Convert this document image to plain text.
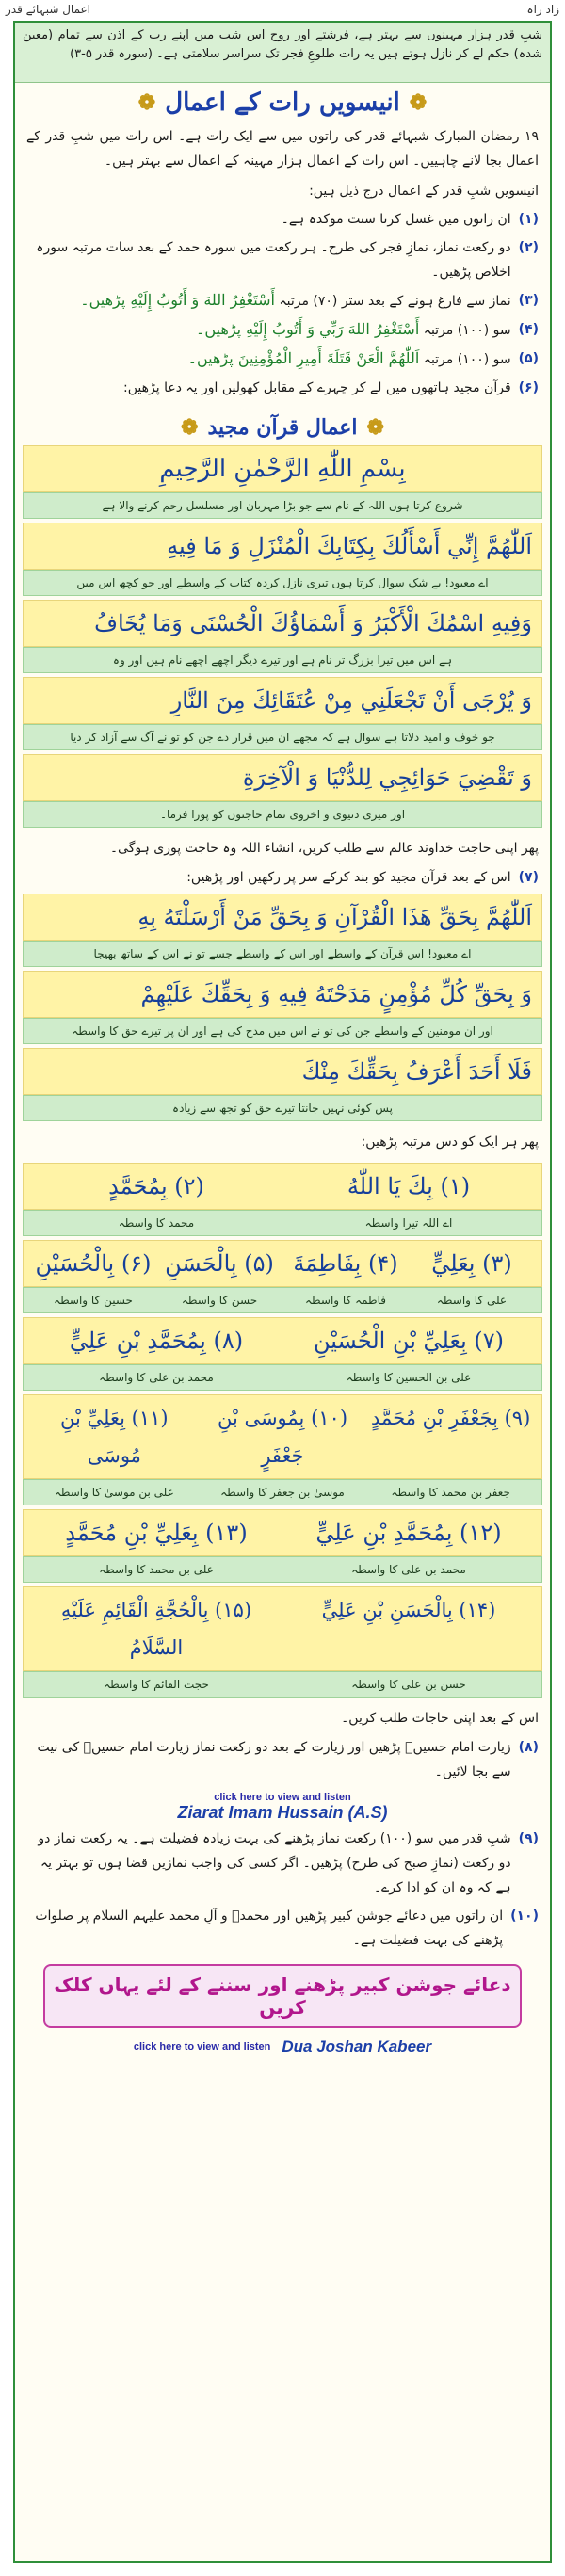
زاد راہ
اعمال شبہائے قدر
شبِ قدر ہزار مہینوں سے بہتر ہے، فرشتے اور روح اس شب میں اپنے رب کے اذن سے تمام (معین شدہ) حکم لے کر نازل ہوتے ہیں یہ رات طلوعِ فجر تک سراسر سلامتی ہے۔ (سورہ قدر ۵-۳)
❁
انیسویں رات کے اعمال
❁

۱۹ رمضان المبارک شبہائے قدر کی راتوں میں سے ایک رات ہے۔ اس رات میں شبِ قدر کے اعمال بجا لانے چاہییں۔ اس رات کے اعمال ہزار مہینہ کے اعمال سے بہتر ہیں۔

انیسویں شبِ قدر کے اعمال درج ذیل ہیں:

(۱)
ان راتوں میں غسل کرنا سنت موکدہ ہے۔
(۲)
دو رکعت نماز، نمازِ فجر کی طرح۔ ہر رکعت میں سورہ حمد کے بعد سات مرتبہ سورہ اخلاص پڑھیں۔
(۳)
نماز سے فارغ ہونے کے بعد ستر (۷۰) مرتبہ أَسْتَغْفِرُ اللهَ وَ أَتُوبُ إِلَيْهِ پڑھیں۔
(۴)
سو (۱۰۰) مرتبہ أَسْتَغْفِرُ اللهَ رَبِّي وَ أَتُوبُ إِلَيْهِ پڑھیں۔
(۵)
سو (۱۰۰) مرتبہ اَللّٰهُمَّ الْعَنْ قَتَلَةَ أَمِيرِ الْمُؤْمِنِينَ پڑھیں۔
(۶)
قرآن مجید ہاتھوں میں لے کر چہرے کے مقابل کھولیں اور یہ دعا پڑھیں:
❁
اعمال قرآن مجید
❁
بِسْمِ اللّٰهِ الرَّحْمٰنِ الرَّحِيمِ
شروع کرتا ہوں اللہ کے نام سے جو بڑا مہربان اور مسلسل رحم کرنے والا ہے
اَللّٰهُمَّ إِنِّي أَسْأَلُكَ بِكِتَابِكَ الْمُنْزَلِ وَ مَا فِيهِ
اے معبود! بے شک سوال کرتا ہوں تیری نازل کردہ کتاب کے واسطے اور جو کچھ اس میں
وَفِيهِ اسْمُكَ الْأَكْبَرُ وَ أَسْمَاؤُكَ الْحُسْنَى وَمَا يُخَافُ
ہے اس میں تیرا بزرگ تر نام ہے اور تیرے دیگر اچھے اچھے نام ہیں اور وہ
وَ يُرْجَى أَنْ تَجْعَلَنِي مِنْ عُتَقَائِكَ مِنَ النَّارِ
جو خوف و امید دلاتا ہے سوال ہے کہ مجھے ان میں قرار دے جن کو تو نے آگ سے آزاد کر دیا
وَ تَقْضِيَ حَوَائِجِي لِلدُّنْيَا وَ الْآخِرَةِ
اور میری دنیوی و اخروی تمام حاجتوں کو پورا فرما۔

پھر اپنی حاجت خداوند عالم سے طلب کریں، انشاء اللہ وہ حاجت پوری ہوگی۔

(۷)
اس کے بعد قرآن مجید کو بند کرکے سر پر رکھیں اور پڑھیں:
اَللّٰهُمَّ بِحَقِّ هَذَا الْقُرْآنِ وَ بِحَقِّ مَنْ أَرْسَلْتَهُ بِهِ
اے معبود! اس قرآن کے واسطے اور اس کے واسطے جسے تو نے اس کے ساتھ بھیجا
وَ بِحَقِّ كُلِّ مُؤْمِنٍ مَدَحْتَهُ فِيهِ وَ بِحَقِّكَ عَلَيْهِمْ
اور ان مومنین کے واسطے جن کی تو نے اس میں مدح کی ہے اور ان پر تیرے حق کا واسطہ
فَلَا أَحَدَ أَعْرَفُ بِحَقِّكَ مِنْكَ
پس کوئی نہیں جانتا تیرے حق کو تجھ سے زیادہ

پھر ہر ایک کو دس مرتبہ پڑھیں:

(۱) بِكَ يَا اللّٰهُ
(۲) بِمُحَمَّدٍ
اے اللہ تیرا واسطہ
محمد کا واسطہ
(۳) بِعَلِيٍّ
(۴) بِفَاطِمَةَ
(۵) بِالْحَسَنِ
(۶) بِالْحُسَيْنِ
علی کا واسطہ
فاطمہ کا واسطہ
حسن کا واسطہ
حسین کا واسطہ
(۷) بِعَلِيِّ بْنِ الْحُسَيْنِ
(۸) بِمُحَمَّدِ بْنِ عَلِيٍّ
علی بن الحسین کا واسطہ
محمد بن علی کا واسطہ
(۹) بِجَعْفَرِ بْنِ مُحَمَّدٍ
(۱۰) بِمُوسَى بْنِ جَعْفَرٍ
(۱۱) بِعَلِيِّ بْنِ مُوسَى
جعفر بن محمد کا واسطہ
موسیٰ بن جعفر کا واسطہ
علی بن موسیٰ کا واسطہ
(۱۲) بِمُحَمَّدِ بْنِ عَلِيٍّ
(۱۳) بِعَلِيِّ بْنِ مُحَمَّدٍ
محمد بن علی کا واسطہ
علی بن محمد کا واسطہ
(۱۴) بِالْحَسَنِ بْنِ عَلِيٍّ
(۱۵) بِالْحُجَّةِ الْقَائِمِ عَلَيْهِ السَّلَامُ
حسن بن علی کا واسطہ
حجت القائم کا واسطہ

اس کے بعد اپنی حاجات طلب کریں۔

(۸)
زیارت امام حسینؑ پڑھیں اور زیارت کے بعد دو رکعت نماز زیارت امام حسینؑ کی نیت سے بجا لائیں۔
click here to view and listen
Ziarat Imam Hussain (A.S)
(۹)
شبِ قدر میں سو (۱۰۰) رکعت نماز پڑھنے کی بہت زیادہ فضیلت ہے۔ یہ رکعت نماز دو دو رکعت (نمازِ صبح کی طرح) پڑھیں۔ اگر کسی کی واجب نمازیں قضا ہوں تو بہتر یہ ہے کہ وہ ان کو ادا کرے۔
(۱۰)
ان راتوں میں دعائے جوشن کبیر پڑھیں اور محمدؐ و آلِ محمد علیہم السلام پر صلوات پڑھنے کی بہت فضیلت ہے۔
دعائے جوشن کبیر پڑھنے اور سننے کے لئے یہاں کلک کریں
click here to view and listen Dua Joshan Kabeer
